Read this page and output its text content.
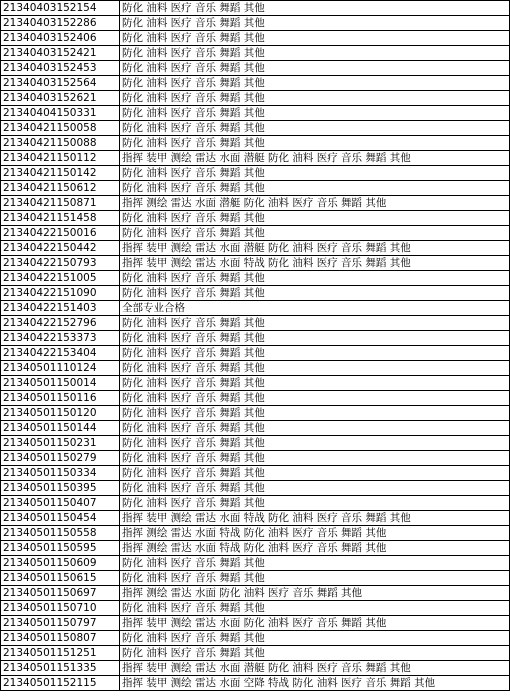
21340403152154	防化 油料 医疗 音乐 舞蹈 其他
21340403152286	防化 油料 医疗 音乐 舞蹈 其他
21340403152406	防化 油料 医疗 音乐 舞蹈 其他
21340403152421	防化 油料 医疗 音乐 舞蹈 其他
21340403152453	防化 油料 医疗 音乐 舞蹈 其他
21340403152564	防化 油料 医疗 音乐 舞蹈 其他
21340403152621	防化 油料 医疗 音乐 舞蹈 其他
21340404150331	防化 油料 医疗 音乐 舞蹈 其他
21340421150058	防化 油料 医疗 音乐 舞蹈 其他
21340421150088	防化 油料 医疗 音乐 舞蹈 其他
21340421150112	指挥 装甲 测绘 雷达 水面 潜艇 防化 油料 医疗 音乐 舞蹈 其他
21340421150142	防化 油料 医疗 音乐 舞蹈 其他
21340421150612	防化 油料 医疗 音乐 舞蹈 其他
21340421150871	指挥 测绘 雷达 水面 潜艇 防化 油料 医疗 音乐 舞蹈 其他
21340421151458	防化 油料 医疗 音乐 舞蹈 其他
21340422150016	防化 油料 医疗 音乐 舞蹈 其他
21340422150442	指挥 装甲 测绘 雷达 水面 潜艇 防化 油料 医疗 音乐 舞蹈 其他
21340422150793	指挥 装甲 测绘 雷达 水面 特战 防化 油料 医疗 音乐 舞蹈 其他
21340422151005	防化 油料 医疗 音乐 舞蹈 其他
21340422151090	防化 油料 医疗 音乐 舞蹈 其他
21340422151403	全部专业合格
21340422152796	防化 油料 医疗 音乐 舞蹈 其他
21340422153373	防化 油料 医疗 音乐 舞蹈 其他
21340422153404	防化 油料 医疗 音乐 舞蹈 其他
21340501110124	防化 油料 医疗 音乐 舞蹈 其他
21340501150014	防化 油料 医疗 音乐 舞蹈 其他
21340501150116	防化 油料 医疗 音乐 舞蹈 其他
21340501150120	防化 油料 医疗 音乐 舞蹈 其他
21340501150144	防化 油料 医疗 音乐 舞蹈 其他
21340501150231	防化 油料 医疗 音乐 舞蹈 其他
21340501150279	防化 油料 医疗 音乐 舞蹈 其他
21340501150334	防化 油料 医疗 音乐 舞蹈 其他
21340501150395	防化 油料 医疗 音乐 舞蹈 其他
21340501150407	防化 油料 医疗 音乐 舞蹈 其他
21340501150454	指挥 装甲 测绘 雷达 水面 特战 防化 油料 医疗 音乐 舞蹈 其他
21340501150558	指挥 测绘 雷达 水面 特战 防化 油料 医疗 音乐 舞蹈 其他
21340501150595	指挥 测绘 雷达 水面 特战 防化 油料 医疗 音乐 舞蹈 其他
21340501150609	防化 油料 医疗 音乐 舞蹈 其他
21340501150615	防化 油料 医疗 音乐 舞蹈 其他
21340501150697	指挥 测绘 雷达 水面 防化 油料 医疗 音乐 舞蹈 其他
21340501150710	防化 油料 医疗 音乐 舞蹈 其他
21340501150797	指挥 装甲 测绘 雷达 水面 防化 油料 医疗 音乐 舞蹈 其他
21340501150807	防化 油料 医疗 音乐 舞蹈 其他
21340501151251	防化 油料 医疗 音乐 舞蹈 其他
21340501151335	指挥 装甲 测绘 雷达 水面 潜艇 防化 油料 医疗 音乐 舞蹈 其他
21340501152115	指挥 装甲 测绘 雷达 水面 空降 特战 防化 油料 医疗 音乐 舞蹈 其他
